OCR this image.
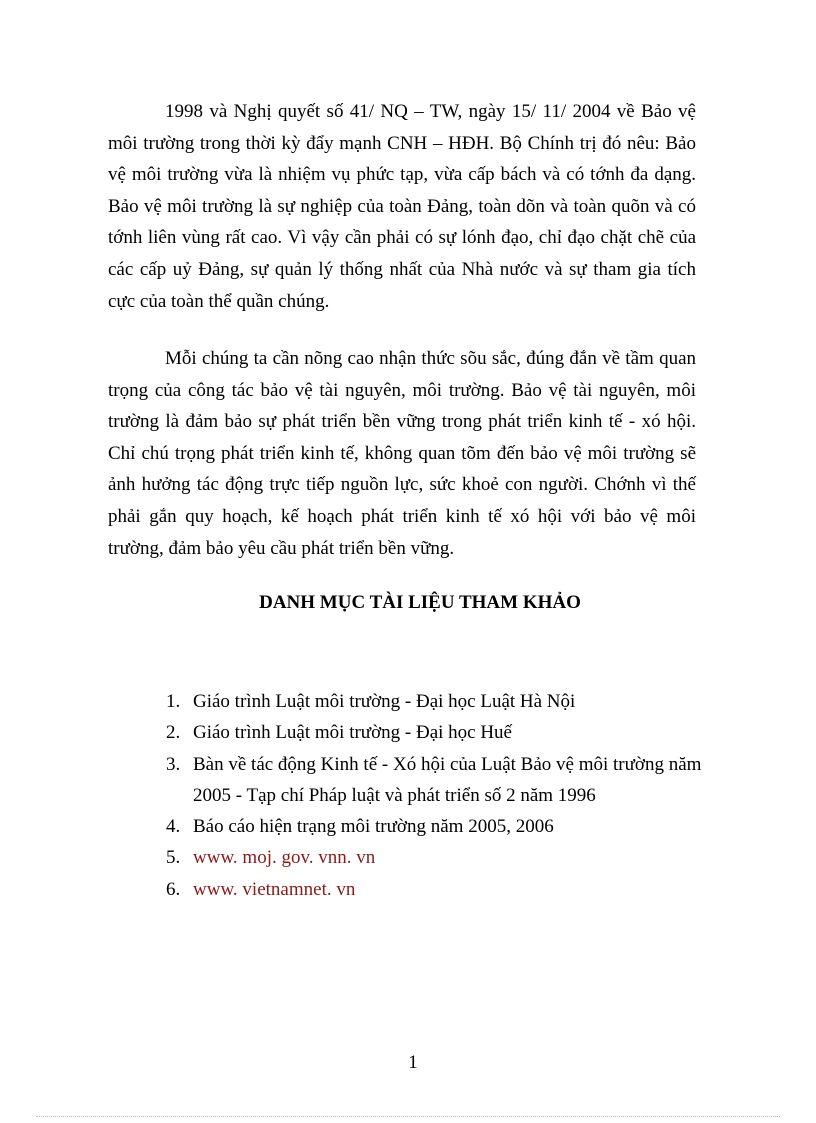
1998 và Nghị quyết số 41/ NQ – TW, ngày 15/ 11/ 2004 về Bảo vệ môi trường trong thời kỳ đẩy mạnh CNH – HĐH. Bộ Chính trị đó nêu: Bảo vệ môi trường vừa là nhiệm vụ phức tạp, vừa cấp bách và có tớnh đa dạng. Bảo vệ môi trường là sự nghiệp của toàn Đảng, toàn dõn và toàn quõn và có tớnh liên vùng rất cao. Vì vậy cần phải có sự lónh đạo, chỉ đạo chặt chẽ của các cấp uỷ Đảng, sự quản lý thống nhất của Nhà nước và sự tham gia tích cực của toàn thể quần chúng.

Mỗi chúng ta cần nõng cao nhận thức sõu sắc, đúng đắn về tầm quan trọng của công tác bảo vệ tài nguyên, môi trường. Bảo vệ tài nguyên, môi trường là đảm bảo sự phát triển bền vững trong phát triển kinh tế - xó hội. Chỉ chú trọng phát triển kinh tế, không quan tõm đến bảo vệ môi trường sẽ ảnh hưởng tác động trực tiếp nguồn lực, sức khoẻ con người. Chớnh vì thế phải gắn quy hoạch, kế hoạch phát triển kinh tế xó hội với bảo vệ môi trường, đảm bảo yêu cầu phát triển bền vững.

DANH MỤC TÀI LIỆU THAM KHẢO
1. Giáo trình Luật môi trường - Đại học Luật Hà Nội
2. Giáo trình Luật môi trường - Đại học Huế
3. Bàn về tác động Kinh tế - Xó hội của Luật Bảo vệ môi trường năm 2005 - Tạp chí Pháp luật và phát triển số 2 năm 1996
4. Báo cáo hiện trạng môi trường năm 2005, 2006
5. www. moj. gov. vnn. vn
6. www. vietnamnet. vn
1
